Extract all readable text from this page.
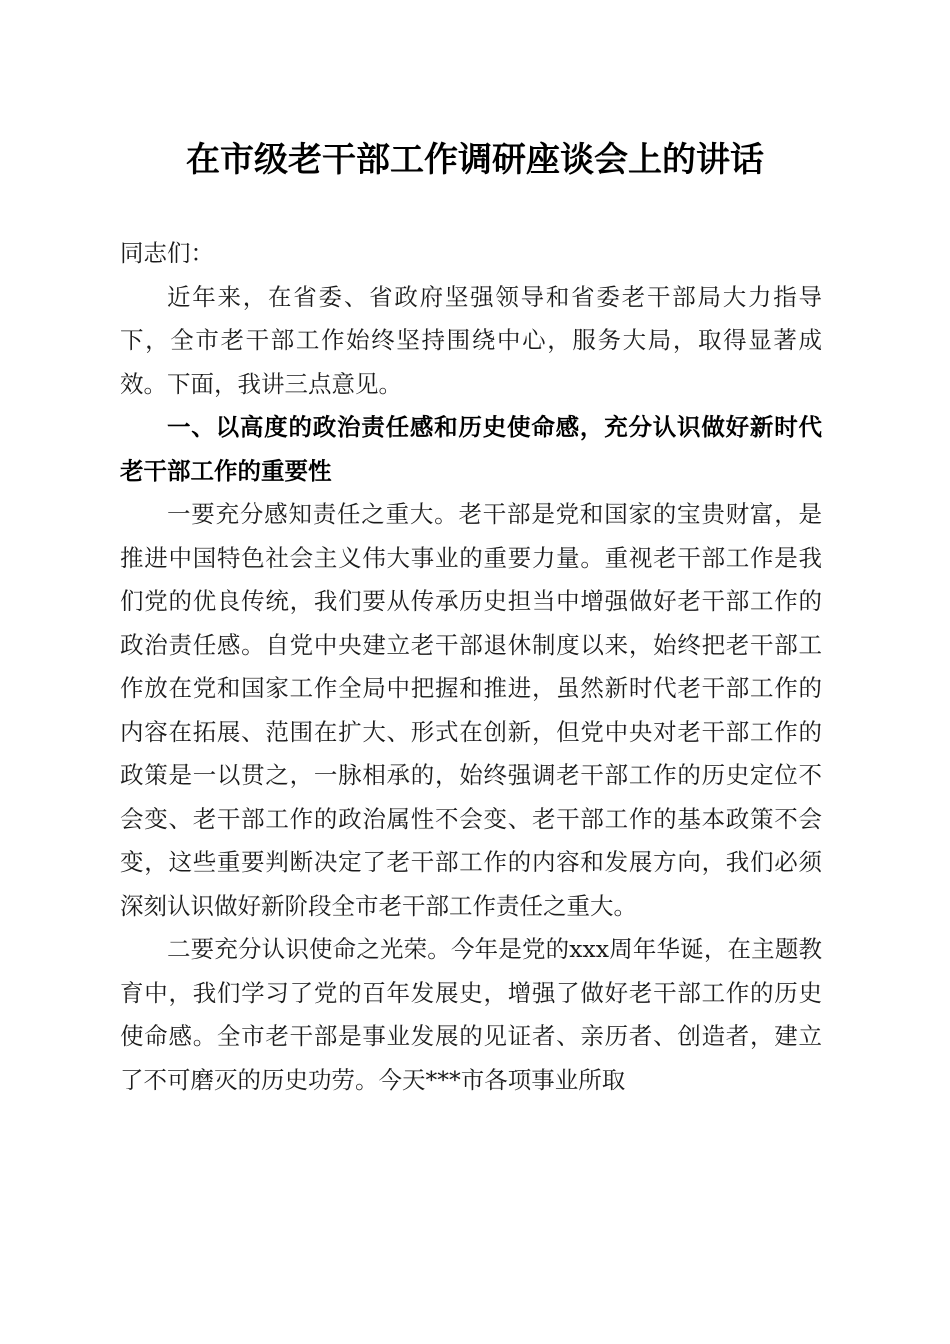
在市级老干部工作调研座谈会上的讲话

同志们：

近年来，在省委、省政府坚强领导和省委老干部局大力指导下，全市老干部工作始终坚持围绕中心，服务大局，取得显著成效。下面，我讲三点意见。

一、以高度的政治责任感和历史使命感，充分认识做好新时代老干部工作的重要性

一要充分感知责任之重大。老干部是党和国家的宝贵财富，是推进中国特色社会主义伟大事业的重要力量。重视老干部工作是我们党的优良传统，我们要从传承历史担当中增强做好老干部工作的政治责任感。自党中央建立老干部退休制度以来，始终把老干部工作放在党和国家工作全局中把握和推进，虽然新时代老干部工作的内容在拓展、范围在扩大、形式在创新，但党中央对老干部工作的政策是一以贯之，一脉相承的，始终强调老干部工作的历史定位不会变、老干部工作的政治属性不会变、老干部工作的基本政策不会变，这些重要判断决定了老干部工作的内容和发展方向，我们必须深刻认识做好新阶段全市老干部工作责任之重大。

二要充分认识使命之光荣。今年是党的xxx周年华诞，在主题教育中，我们学习了党的百年发展史，增强了做好老干部工作的历史使命感。全市老干部是事业发展的见证者、亲历者、创造者，建立了不可磨灭的历史功劳。今天***市各项事业所取
